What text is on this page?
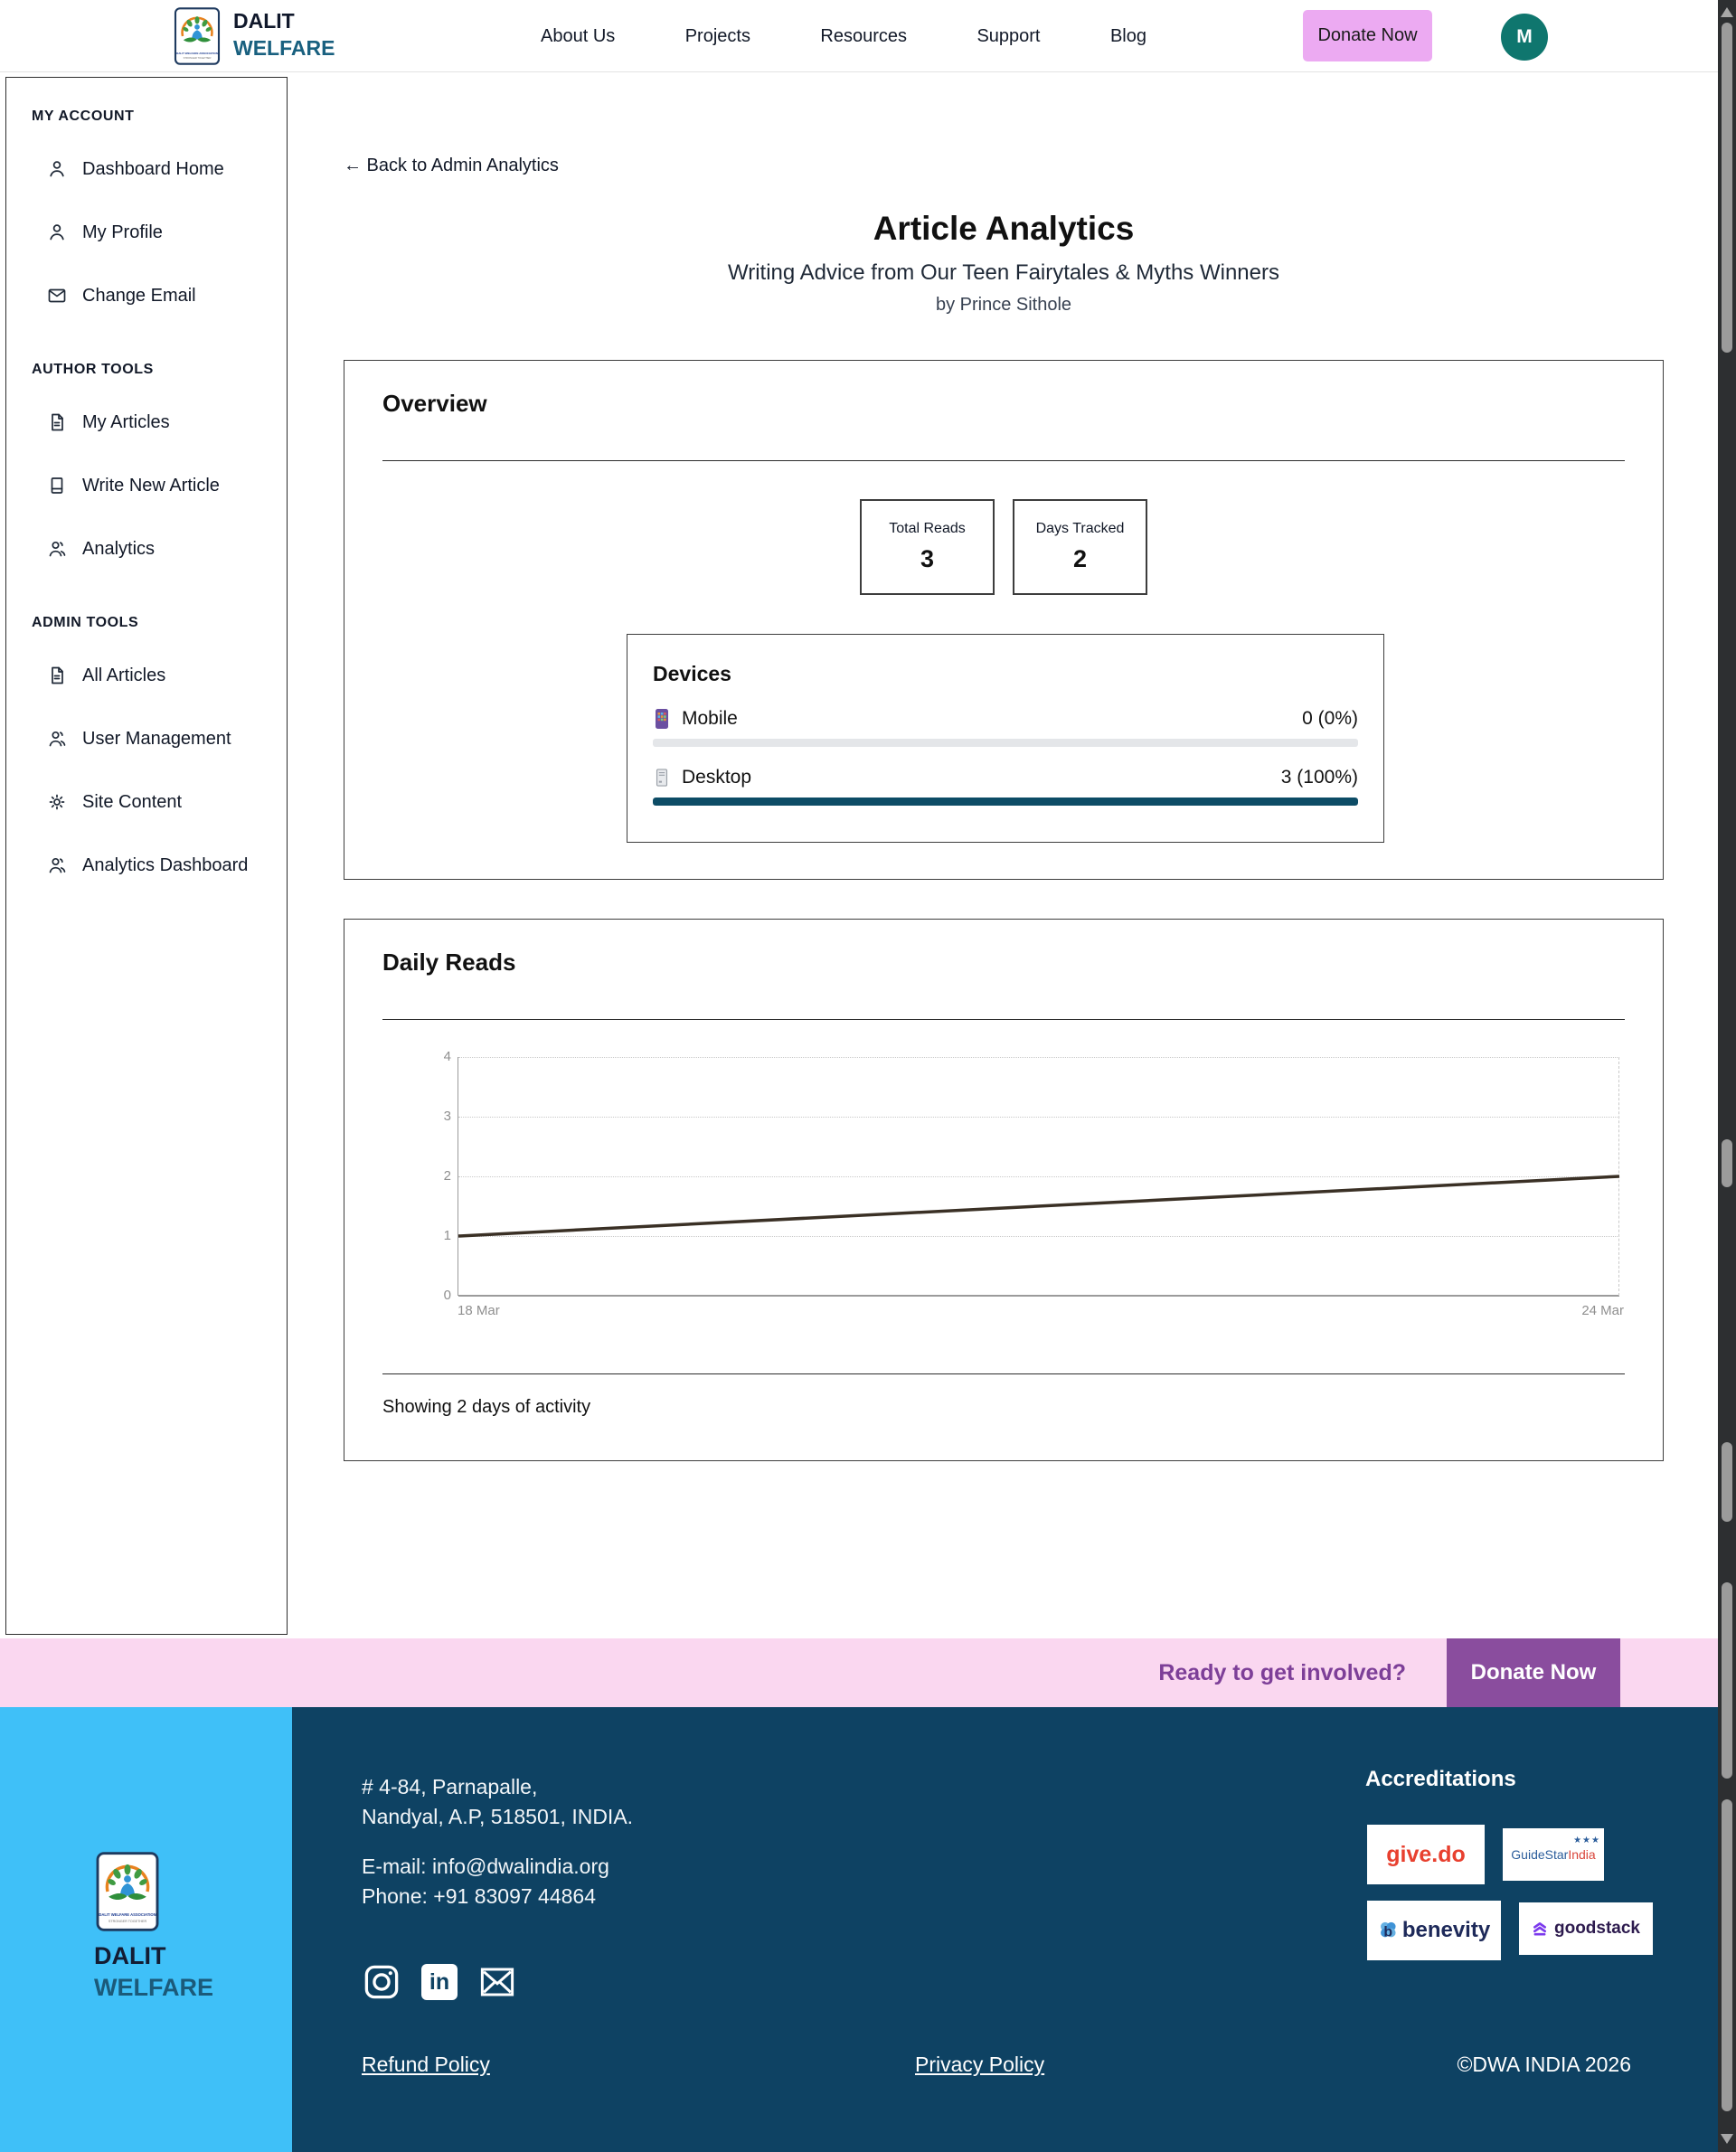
DALIT WELFARE ASSOCIATION
STRONGER TOGETHER
DALIT
WELFARE
About Us	Projects	Resources	Support	Blog	Donate Now	M
MY ACCOUNT
Dashboard Home
My Profile
Change Email
AUTHOR TOOLS
My Articles
Write New Article
Analytics
ADMIN TOOLS
All Articles
User Management
Site Content
Analytics Dashboard
← Back to Admin Analytics
Article Analytics
Writing Advice from Our Teen Fairytales & Myths Winners
by Prince Sithole
Overview
Total Reads
3
Days Tracked
2
Devices
Mobile	0 (0%)
Desktop	3 (100%)
Daily Reads
4
3
2
1
0
18 Mar	24 Mar
Showing 2 days of activity
Ready to get involved?	Donate Now
DALIT WELFARE ASSOCIATION
STRONGER TOGETHER
DALIT
WELFARE
# 4-84, Parnapalle,
Nandyal, A.P, 518501, INDIA.
E-mail: info@dwalindia.org
Phone: +91 83097 44864
in
Accreditations
give.do	GuideStar India
★★★
b benevity	goodstack
Refund Policy	Privacy Policy	©DWA INDIA 2026
